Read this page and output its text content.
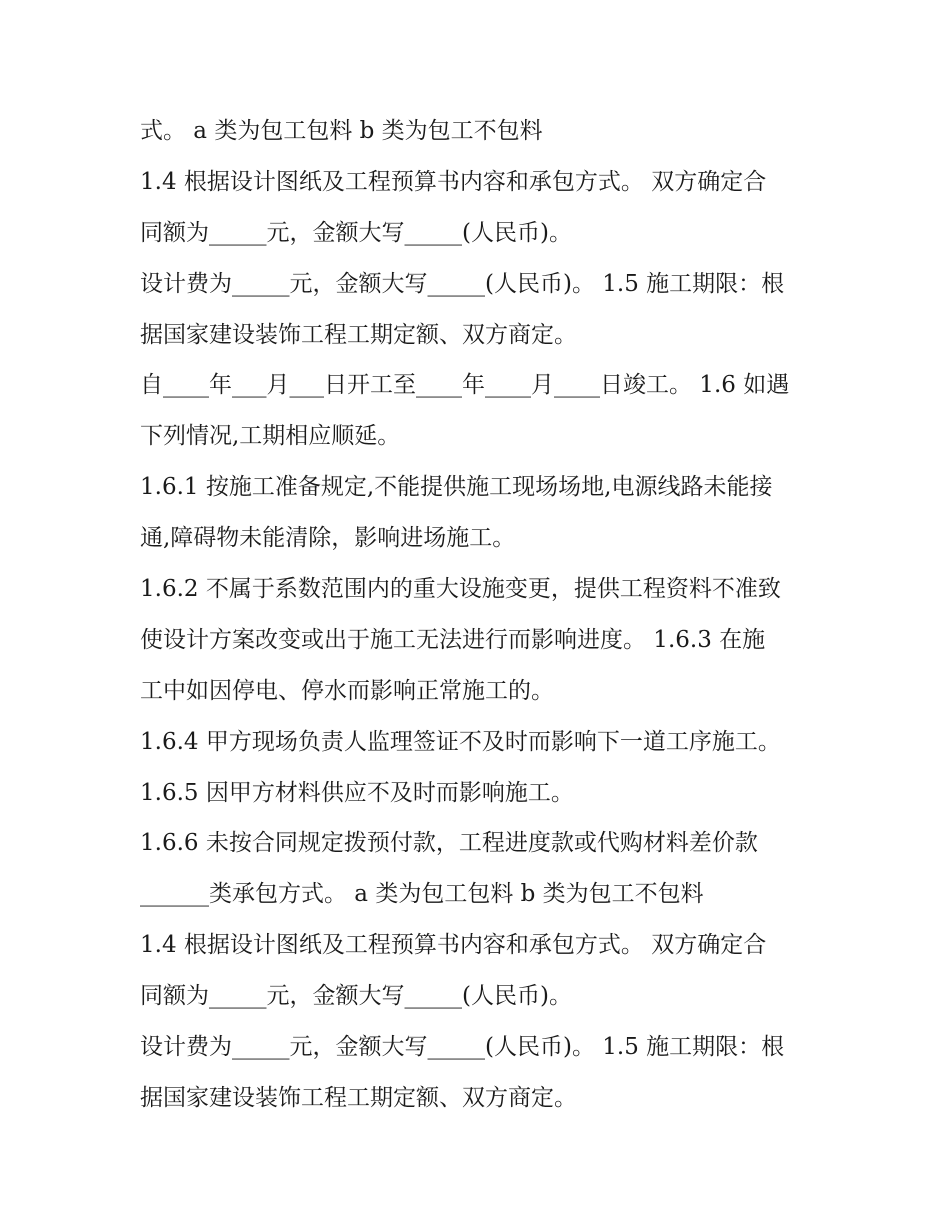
式。 a 类为包工包料 b 类为包工不包料
1.4 根据设计图纸及工程预算书内容和承包方式。 双方确定合
同额为_____元，金额大写_____(人民币)。
设计费为_____元，金额大写_____(人民币)。 1.5 施工期限：根
据国家建设装饰工程工期定额、双方商定。
自____年___月___日开工至____年____月____日竣工。 1.6 如遇
下列情况,工期相应顺延。
1.6.1 按施工准备规定,不能提供施工现场场地,电源线路未能接
通,障碍物未能清除，影响进场施工。
1.6.2 不属于系数范围内的重大设施变更，提供工程资料不准致
使设计方案改变或出于施工无法进行而影响进度。 1.6.3 在施
工中如因停电、停水而影响正常施工的。
1.6.4 甲方现场负责人监理签证不及时而影响下一道工序施工。
1.6.5 因甲方材料供应不及时而影响施工。
1.6.6 未按合同规定拨预付款，工程进度款或代购材料差价款
______类承包方式。 a 类为包工包料 b 类为包工不包料
1.4 根据设计图纸及工程预算书内容和承包方式。 双方确定合
同额为_____元，金额大写_____(人民币)。
设计费为_____元，金额大写_____(人民币)。 1.5 施工期限：根
据国家建设装饰工程工期定额、双方商定。
